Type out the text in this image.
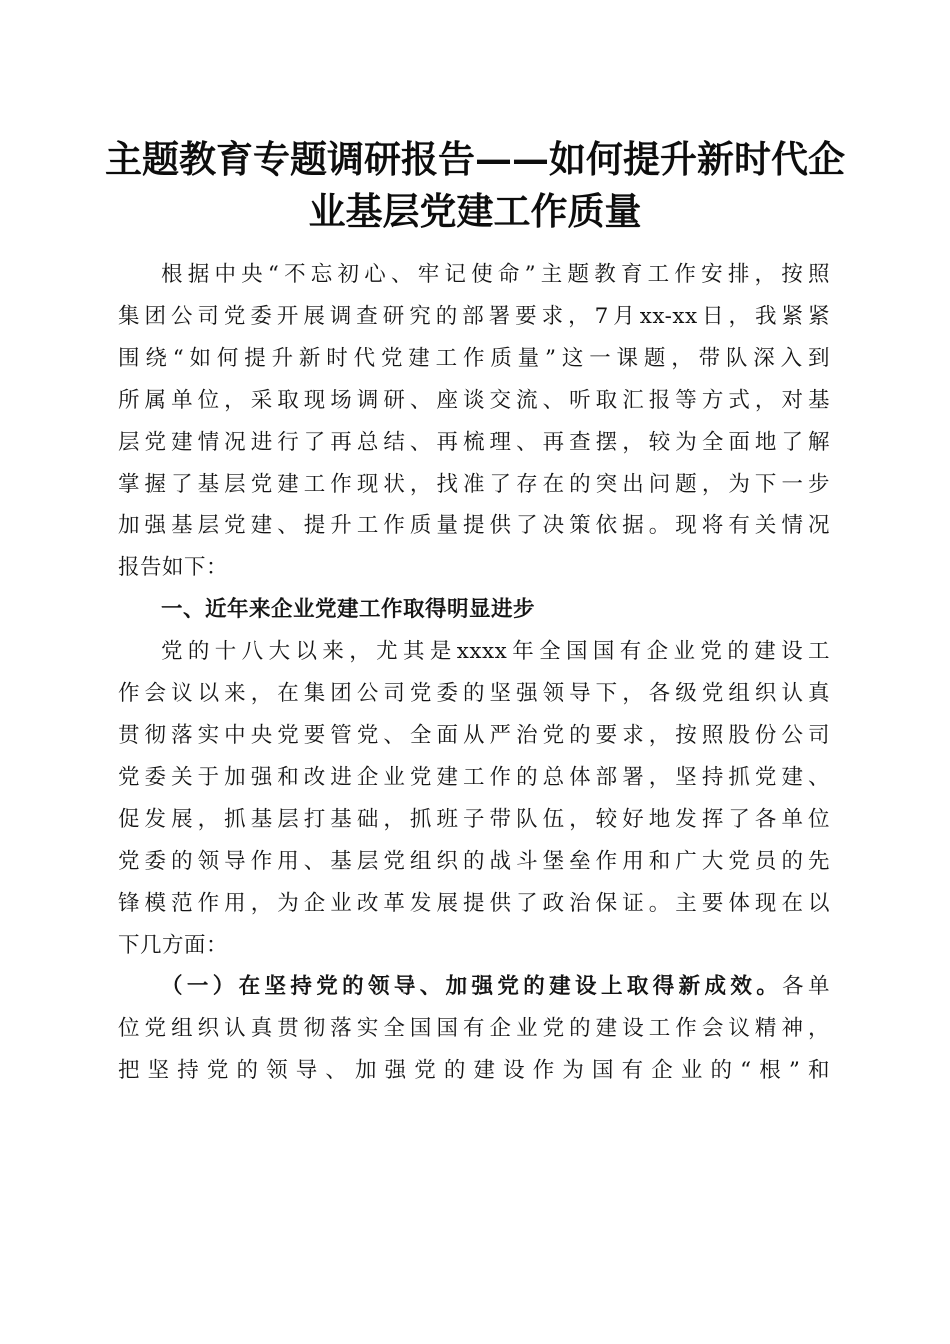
主题教育专题调研报告——如何提升新时代企
业基层党建工作质量

根据中央“不忘初心、牢记使命”主题教育工作安排，按照
集团公司党委开展调查研究的部署要求，7月xx-xx日，我紧紧
围绕“如何提升新时代党建工作质量”这一课题，带队深入到
所属单位，采取现场调研、座谈交流、听取汇报等方式，对基
层党建情况进行了再总结、再梳理、再查摆，较为全面地了解
掌握了基层党建工作现状，找准了存在的突出问题，为下一步
加强基层党建、提升工作质量提供了决策依据。现将有关情况
报告如下：

一、近年来企业党建工作取得明显进步

党的十八大以来，尤其是xxxx年全国国有企业党的建设工
作会议以来，在集团公司党委的坚强领导下，各级党组织认真
贯彻落实中央党要管党、全面从严治党的要求，按照股份公司
党委关于加强和改进企业党建工作的总体部署，坚持抓党建、
促发展，抓基层打基础，抓班子带队伍，较好地发挥了各单位
党委的领导作用、基层党组织的战斗堡垒作用和广大党员的先
锋模范作用，为企业改革发展提供了政治保证。主要体现在以
下几方面：

（一）在坚持党的领导、加强党的建设上取得新成效。各单
位党组织认真贯彻落实全国国有企业党的建设工作会议精神，
把坚持党的领导、加强党的建设作为国有企业的“根”和
